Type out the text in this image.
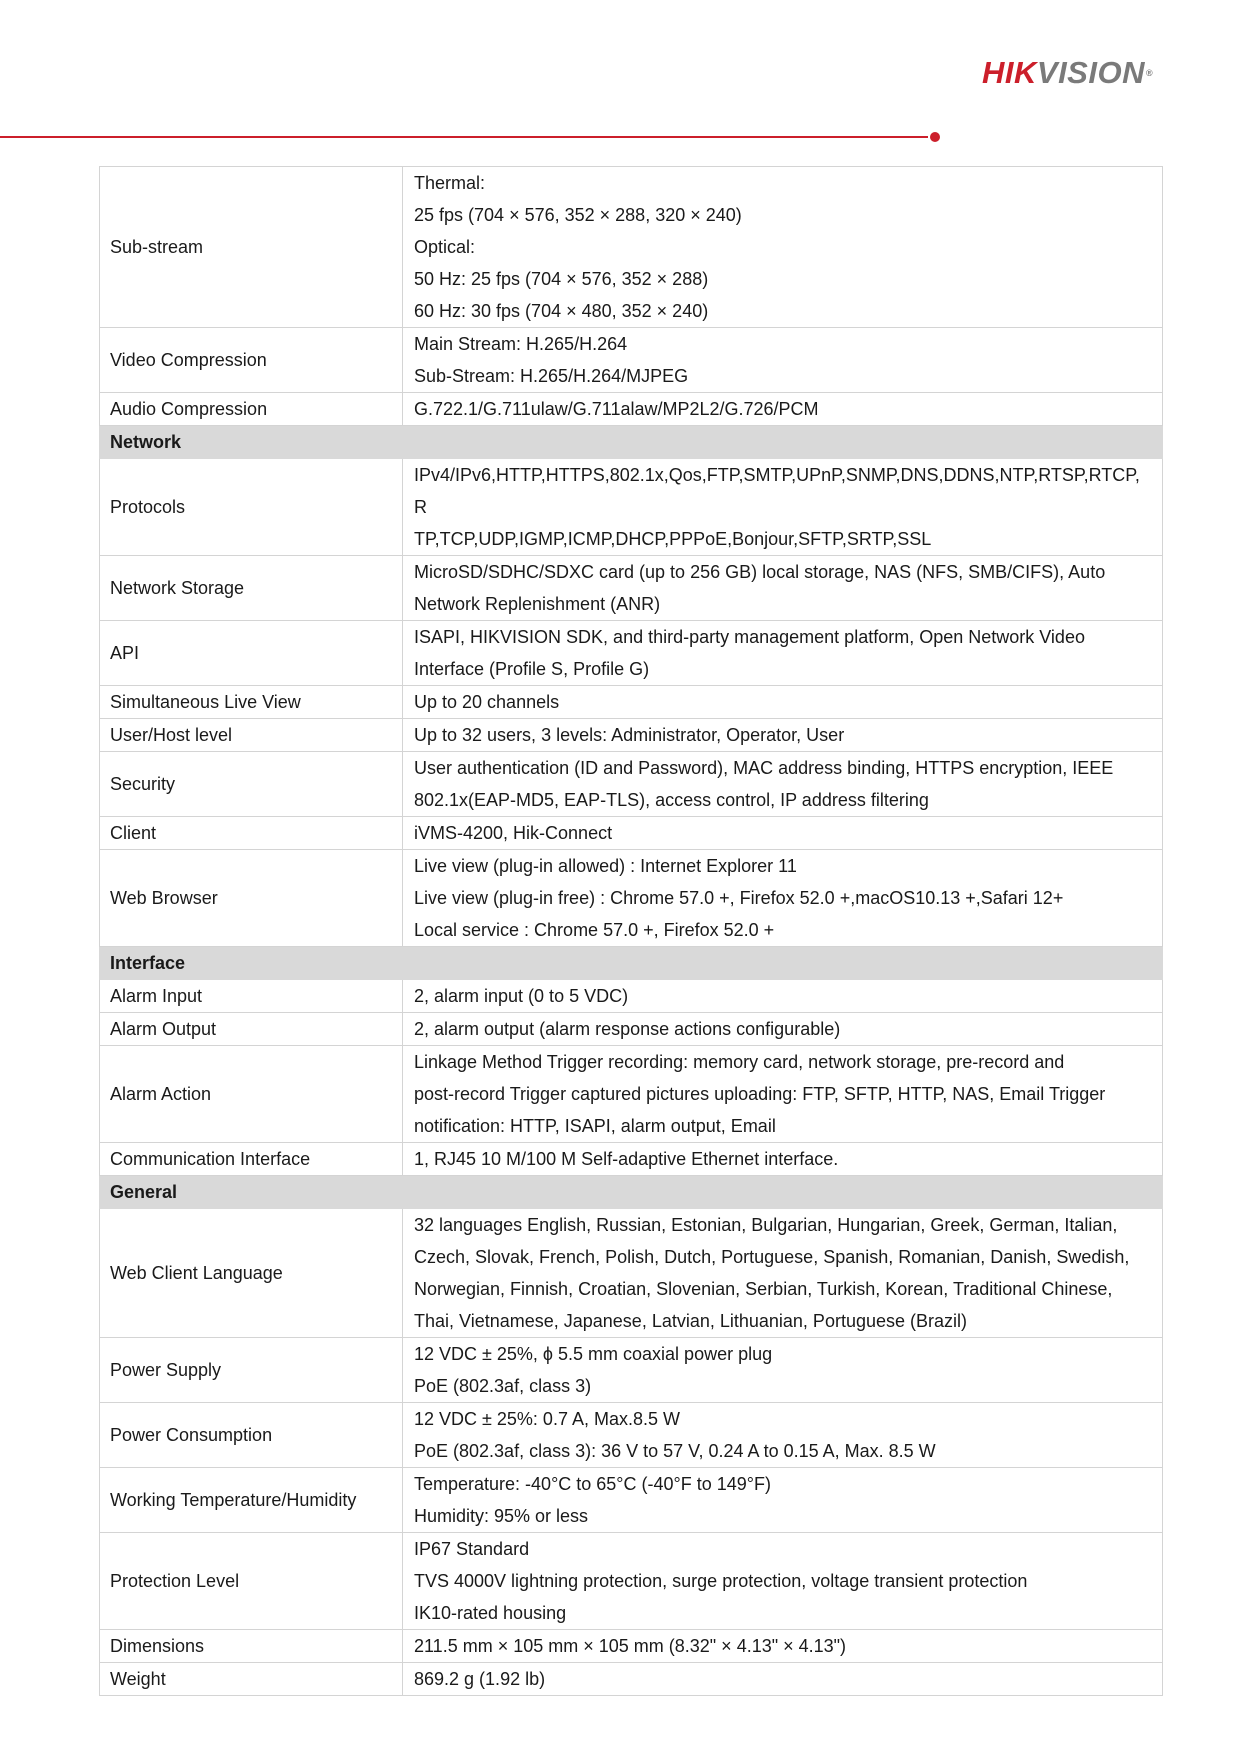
HIKVISION®
Sub-stream	Thermal:
25 fps (704 × 576, 352 × 288, 320 × 240)
Optical:
50 Hz: 25 fps (704 × 576, 352 × 288)
60 Hz: 30 fps (704 × 480, 352 × 240)

Video Compression	Main Stream: H.265/H.264
Sub-Stream: H.265/H.264/MJPEG

Audio Compression	G.722.1/G.711ulaw/G.711alaw/MP2L2/G.726/PCM

Network	
Protocols	IPv4/IPv6,HTTP,HTTPS,802.1x,Qos,FTP,SMTP,UPnP,SNMP,DNS,DDNS,NTP,RTSP,RTCP,R
TP,TCP,UDP,IGMP,ICMP,DHCP,PPPoE,Bonjour,SFTP,SRTP,SSL

Network Storage	MicroSD/SDHC/SDXC card (up to 256 GB) local storage, NAS (NFS, SMB/CIFS), Auto
Network Replenishment (ANR)

API	ISAPI, HIKVISION SDK, and third-party management platform, Open Network Video
Interface (Profile S, Profile G)

Simultaneous Live View	Up to 20 channels

User/Host level	Up to 32 users, 3 levels: Administrator, Operator, User

Security	User authentication (ID and Password), MAC address binding, HTTPS encryption, IEEE
802.1x(EAP-MD5, EAP-TLS), access control, IP address filtering

Client	iVMS-4200, Hik-Connect

Web Browser	Live view (plug-in allowed) : Internet Explorer 11
Live view (plug-in free) : Chrome 57.0 +, Firefox 52.0 +,macOS10.13 +,Safari 12+
Local service : Chrome 57.0 +, Firefox 52.0 +

Interface	
Alarm Input	2, alarm input (0 to 5 VDC)

Alarm Output	2, alarm output (alarm response actions configurable)

Alarm Action	Linkage Method Trigger recording: memory card, network storage, pre-record and
post-record Trigger captured pictures uploading: FTP, SFTP, HTTP, NAS, Email Trigger
notification: HTTP, ISAPI, alarm output, Email

Communication Interface	1, RJ45 10 M/100 M Self-adaptive Ethernet interface.

General	
Web Client Language	32 languages English, Russian, Estonian, Bulgarian, Hungarian, Greek, German, Italian,
Czech, Slovak, French, Polish, Dutch, Portuguese, Spanish, Romanian, Danish, Swedish,
Norwegian, Finnish, Croatian, Slovenian, Serbian, Turkish, Korean, Traditional Chinese,
Thai, Vietnamese, Japanese, Latvian, Lithuanian, Portuguese (Brazil)

Power Supply	12 VDC ± 25%, ϕ 5.5 mm coaxial power plug
PoE (802.3af, class 3)

Power Consumption	12 VDC ± 25%: 0.7 A, Max.8.5 W
PoE (802.3af, class 3): 36 V to 57 V, 0.24 A to 0.15 A, Max. 8.5 W

Working Temperature/Humidity	Temperature: -40°C to 65°C (-40°F to 149°F)
Humidity: 95% or less

Protection Level	IP67 Standard
TVS 4000V lightning protection, surge protection, voltage transient protection
IK10-rated housing

Dimensions	211.5 mm × 105 mm × 105 mm (8.32" × 4.13" × 4.13")

Weight	869.2 g (1.92 lb)
